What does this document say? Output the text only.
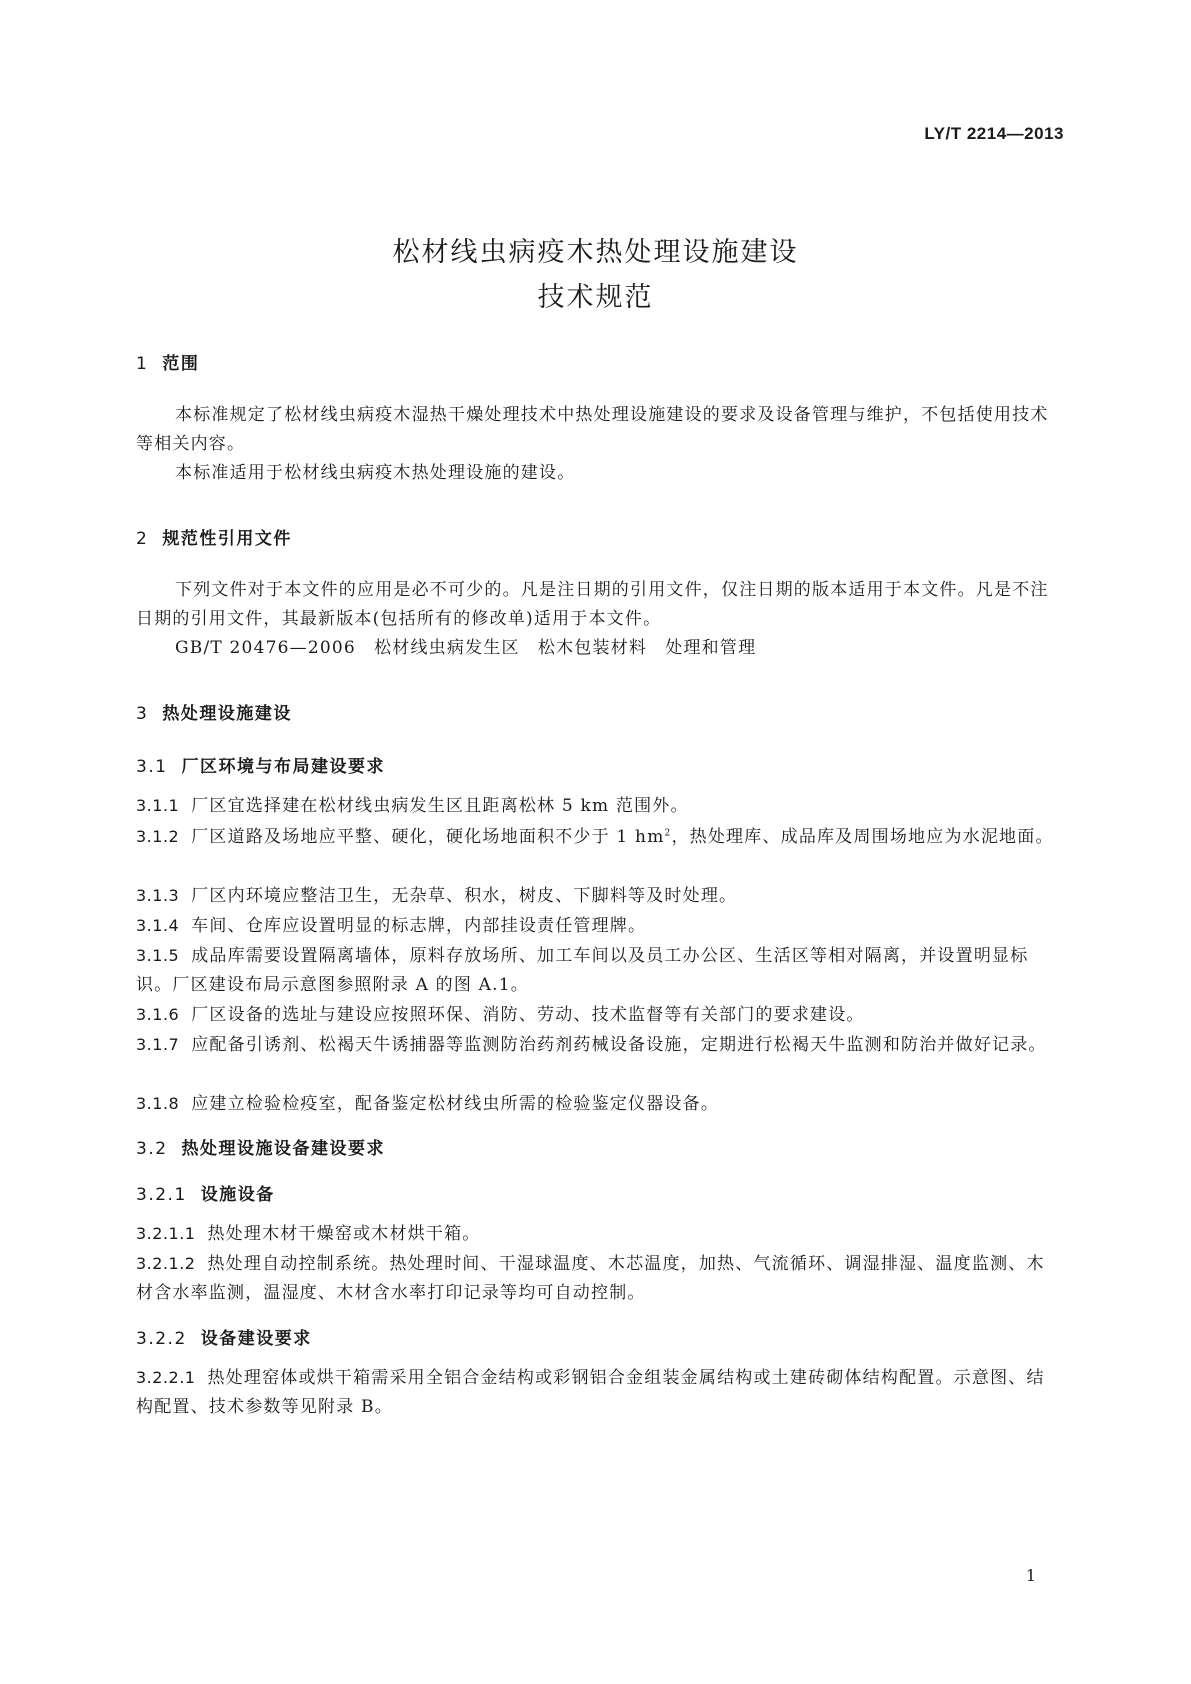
LY/T 2214—2013
松材线虫病疫木热处理设施建设
技术规范
1 范围
本标准规定了松材线虫病疫木湿热干燥处理技术中热处理设施建设的要求及设备管理与维护，不包括使用技术等相关内容。
本标准适用于松材线虫病疫木热处理设施的建设。
2 规范性引用文件
下列文件对于本文件的应用是必不可少的。凡是注日期的引用文件，仅注日期的版本适用于本文件。凡是不注日期的引用文件，其最新版本(包括所有的修改单)适用于本文件。
GB/T 20476—2006　松材线虫病发生区　松木包装材料　处理和管理
3 热处理设施建设
3.1 厂区环境与布局建设要求
3.1.1 厂区宜选择建在松材线虫病发生区且距离松林 5 km 范围外。
3.1.2 厂区道路及场地应平整、硬化，硬化场地面积不少于 1 $hm^2$，热处理库、成品库及周围场地应为水泥地面。
3.1.3 厂区内环境应整洁卫生，无杂草、积水，树皮、下脚料等及时处理。
3.1.4 车间、仓库应设置明显的标志牌，内部挂设责任管理牌。
3.1.5 成品库需要设置隔离墙体，原料存放场所、加工车间以及员工办公区、生活区等相对隔离，并设置明显标识。厂区建设布局示意图参照附录 A 的图 A.1。
3.1.6 厂区设备的选址与建设应按照环保、消防、劳动、技术监督等有关部门的要求建设。
3.1.7 应配备引诱剂、松褐天牛诱捕器等监测防治药剂药械设备设施，定期进行松褐天牛监测和防治并做好记录。
3.1.8 应建立检验检疫室，配备鉴定松材线虫所需的检验鉴定仪器设备。
3.2 热处理设施设备建设要求
3.2.1 设施设备
3.2.1.1 热处理木材干燥窑或木材烘干箱。
3.2.1.2 热处理自动控制系统。热处理时间、干湿球温度、木芯温度，加热、气流循环、调湿排湿、温度监测、木材含水率监测，温湿度、木材含水率打印记录等均可自动控制。
3.2.2 设备建设要求
3.2.2.1 热处理窑体或烘干箱需采用全铝合金结构或彩钢铝合金组装金属结构或土建砖砌体结构配置。示意图、结构配置、技术参数等见附录 B。
1
